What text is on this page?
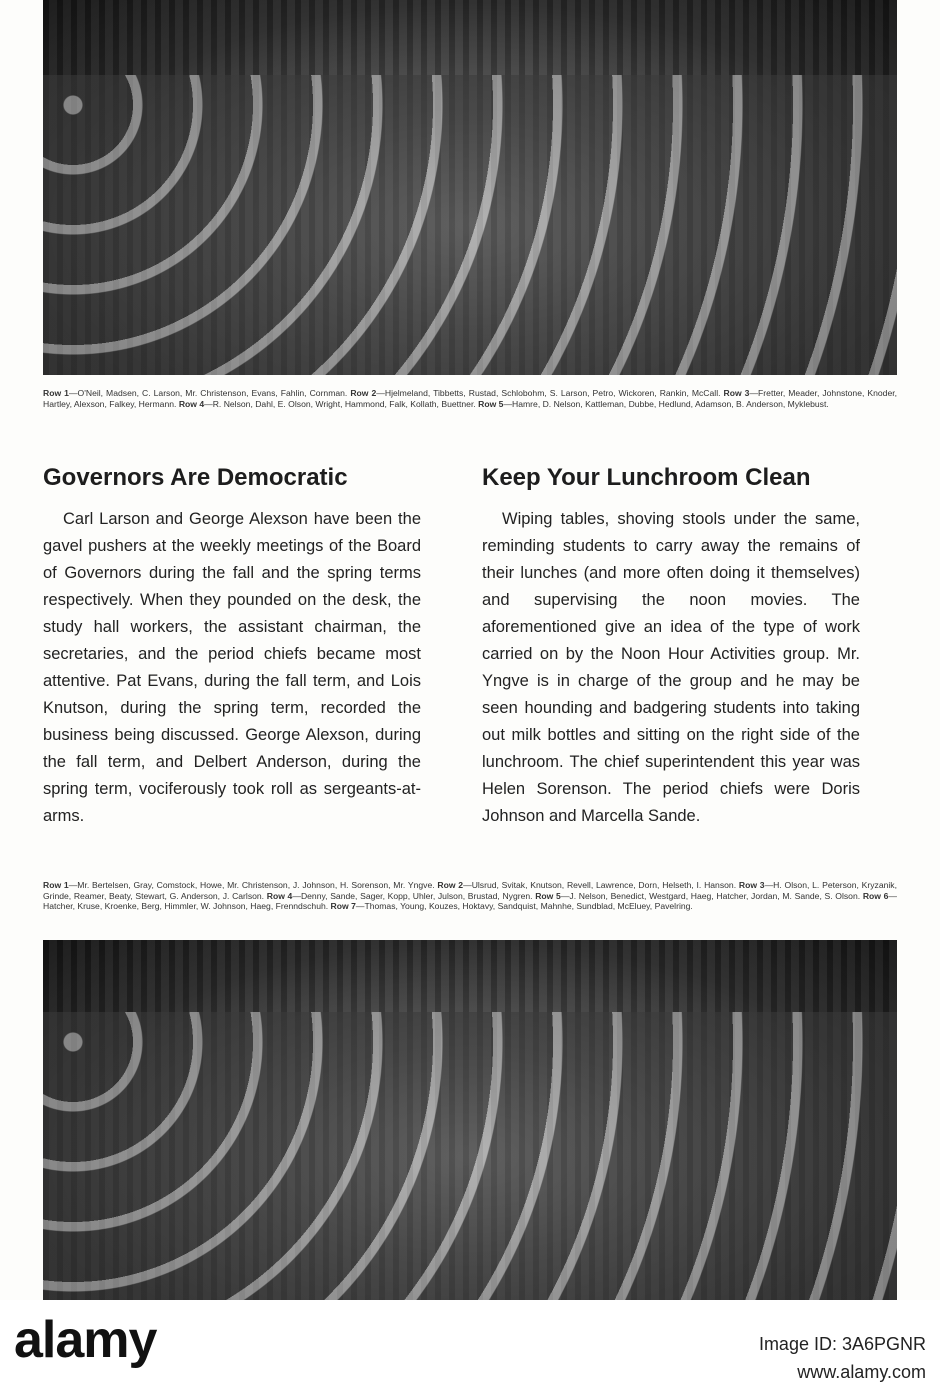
Row 1—O'Neil, Madsen, C. Larson, Mr. Christenson, Evans, Fahlin, Cornman. Row 2—Hjelmeland, Tibbetts, Rustad, Schlobohm, S. Larson, Petro, Wickoren, Rankin, McCall. Row 3—Fretter, Meader, Johnstone, Knoder, Hartley, Alexson, Falkey, Hermann. Row 4—R. Nelson, Dahl, E. Olson, Wright, Hammond, Falk, Kollath, Buettner. Row 5—Hamre, D. Nelson, Kattleman, Dubbe, Hedlund, Adamson, B. Anderson, Myklebust.
Governors Are Democratic

Carl Larson and George Alexson have been the gavel pushers at the weekly meetings of the Board of Governors during the fall and the spring terms respectively. When they pounded on the desk, the study hall workers, the assistant chairman, the secretaries, and the period chiefs became most attentive. Pat Evans, during the fall term, and Lois Knutson, during the spring term, recorded the business being discussed. George Alexson, during the fall term, and Delbert Anderson, during the spring term, vociferously took roll as sergeants-at-arms.

Keep Your Lunchroom Clean

Wiping tables, shoving stools under the same, reminding students to carry away the remains of their lunches (and more often doing it themselves) and supervising the noon movies. The aforementioned give an idea of the type of work carried on by the Noon Hour Activities group. Mr. Yngve is in charge of the group and he may be seen hounding and badgering students into taking out milk bottles and sitting on the right side of the lunchroom. The chief superintendent this year was Helen Sorenson. The period chiefs were Doris Johnson and Marcella Sande.

Row 1—Mr. Bertelsen, Gray, Comstock, Howe, Mr. Christenson, J. Johnson, H. Sorenson, Mr. Yngve. Row 2—Ulsrud, Svitak, Knutson, Revell, Lawrence, Dorn, Helseth, I. Hanson. Row 3—H. Olson, L. Peterson, Kryzanik, Grinde, Reamer, Beaty, Stewart, G. Anderson, J. Carlson. Row 4—Denny, Sande, Sager, Kopp, Uhler, Julson, Brustad, Nygren. Row 5—J. Nelson, Benedict, Westgard, Haeg, Hatcher, Jordan, M. Sande, S. Olson. Row 6—Hatcher, Kruse, Kroenke, Berg, Himmler, W. Johnson, Haeg, Frenndschuh. Row 7—Thomas, Young, Kouzes, Hoktavy, Sandquist, Mahnhe, Sundblad, McEluey, Pavelring.
alamy	Image ID: 3A6PGNR
www.alamy.com
